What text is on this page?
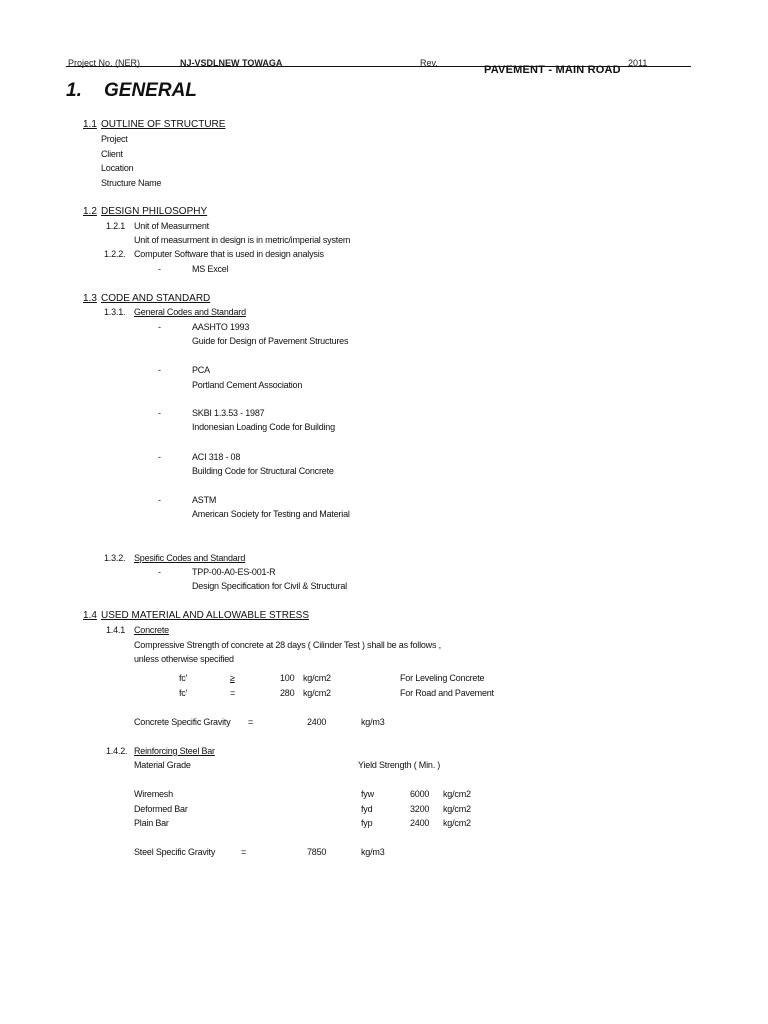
Project No. (NER)	NJ-VSDLNEW TOWAGA	Rev.	2011
PAVEMENT - MAIN ROAD
1. GENERAL
1.1 OUTLINE OF STRUCTURE
Project
Client
Location
Structure Name
1.2 DESIGN PHILOSOPHY
1.2.1 Unit of Measurment
Unit of measurment in design is in metric/imperial system
1.2.2. Computer Software that is used in design analysis
-	MS Excel
1.3 CODE AND STANDARD
1.3.1. General Codes and Standard
-	AASHTO 1993
Guide for Design of Pavement Structures
-	PCA
Portland Cement Association
-	SKBI 1.3.53 - 1987
Indonesian Loading Code for Building
-	ACI 318 - 08
Building Code for Structural Concrete
-	ASTM
American Society for Testing and Material
1.3.2. Spesific Codes and Standard
-	TPP-00-A0-ES-001-R
Design Specification for Civil & Structural
1.4 USED MATERIAL AND ALLOWABLE STRESS
1.4.1 Concrete
Compressive Strength of concrete at 28 days ( Cilinder Test ) shall be as follows ,
unless otherwise specified
fc'	≥	100 kg/cm2	For Leveling Concrete
fc'	=	280 kg/cm2	For Road and Pavement
Concrete Specific Gravity =	2400	kg/m3
1.4.2. Reinforcing Steel Bar
Material Grade	Yield Strength ( Min. )
Wiremesh	fyw	6000 kg/cm2
Deformed Bar	fyd	3200 kg/cm2
Plain Bar	fyp	2400 kg/cm2
Steel Specific Gravity	=	7850	kg/m3
